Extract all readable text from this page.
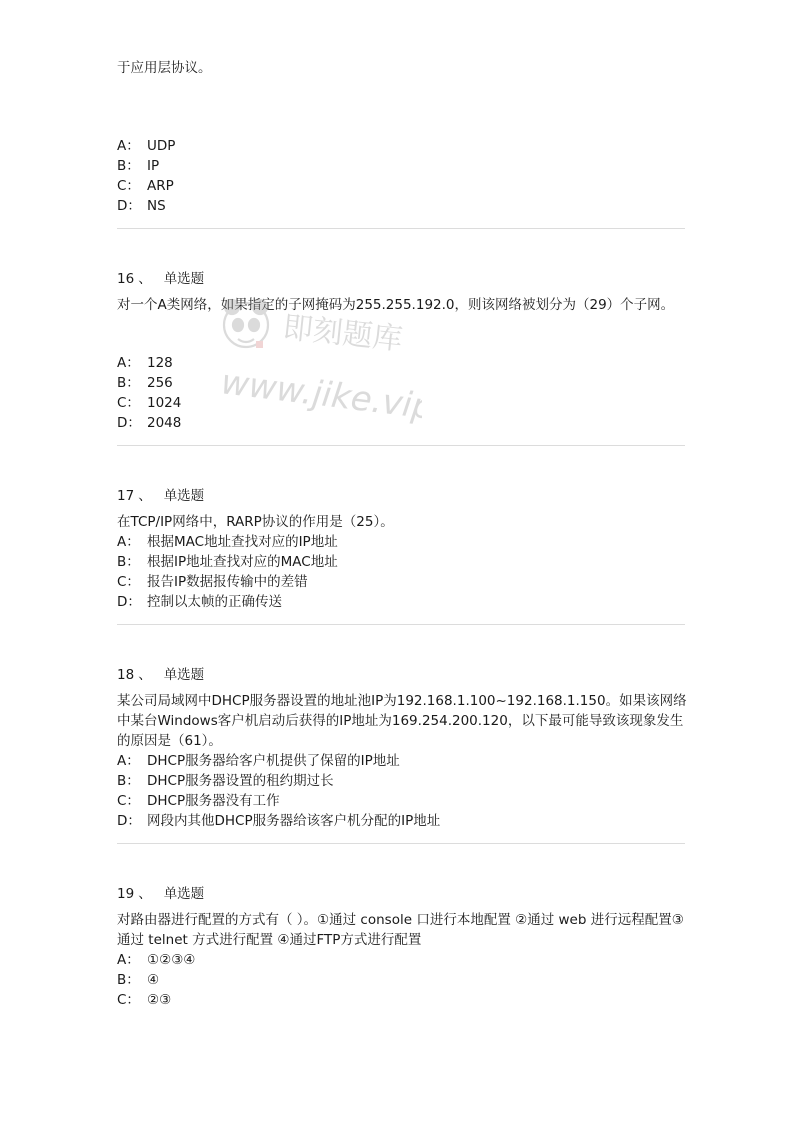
于应用层协议。

A： UDP

B： IP

C： ARP

D： NS

16 、 单选题

对一个A类网络，如果指定的子网掩码为255.255.192.0，则该网络被划分为（29）个子网。

A： 128

B： 256

C： 1024

D： 2048

17 、 单选题

在TCP/IP网络中，RARP协议的作用是（25）。

A： 根据MAC地址查找对应的IP地址

B： 根据IP地址查找对应的MAC地址

C： 报告IP数据报传输中的差错

D： 控制以太帧的正确传送

18 、 单选题

某公司局域网中DHCP服务器设置的地址池IP为192.168.1.100~192.168.1.150。如果该网络中某台Windows客户机启动后获得的IP地址为169.254.200.120，以下最可能导致该现象发生的原因是（61）。

A： DHCP服务器给客户机提供了保留的IP地址

B： DHCP服务器设置的租约期过长

C： DHCP服务器没有工作

D： 网段内其他DHCP服务器给该客户机分配的IP地址

19 、 单选题

对路由器进行配置的方式有（ ）。①通过 console 口进行本地配置 ②通过 web 进行远程配置③通过 telnet 方式进行配置 ④通过FTP方式进行配置

A： ①②③④

B： ④

C： ②③

即刻题库
www.jike.vip
